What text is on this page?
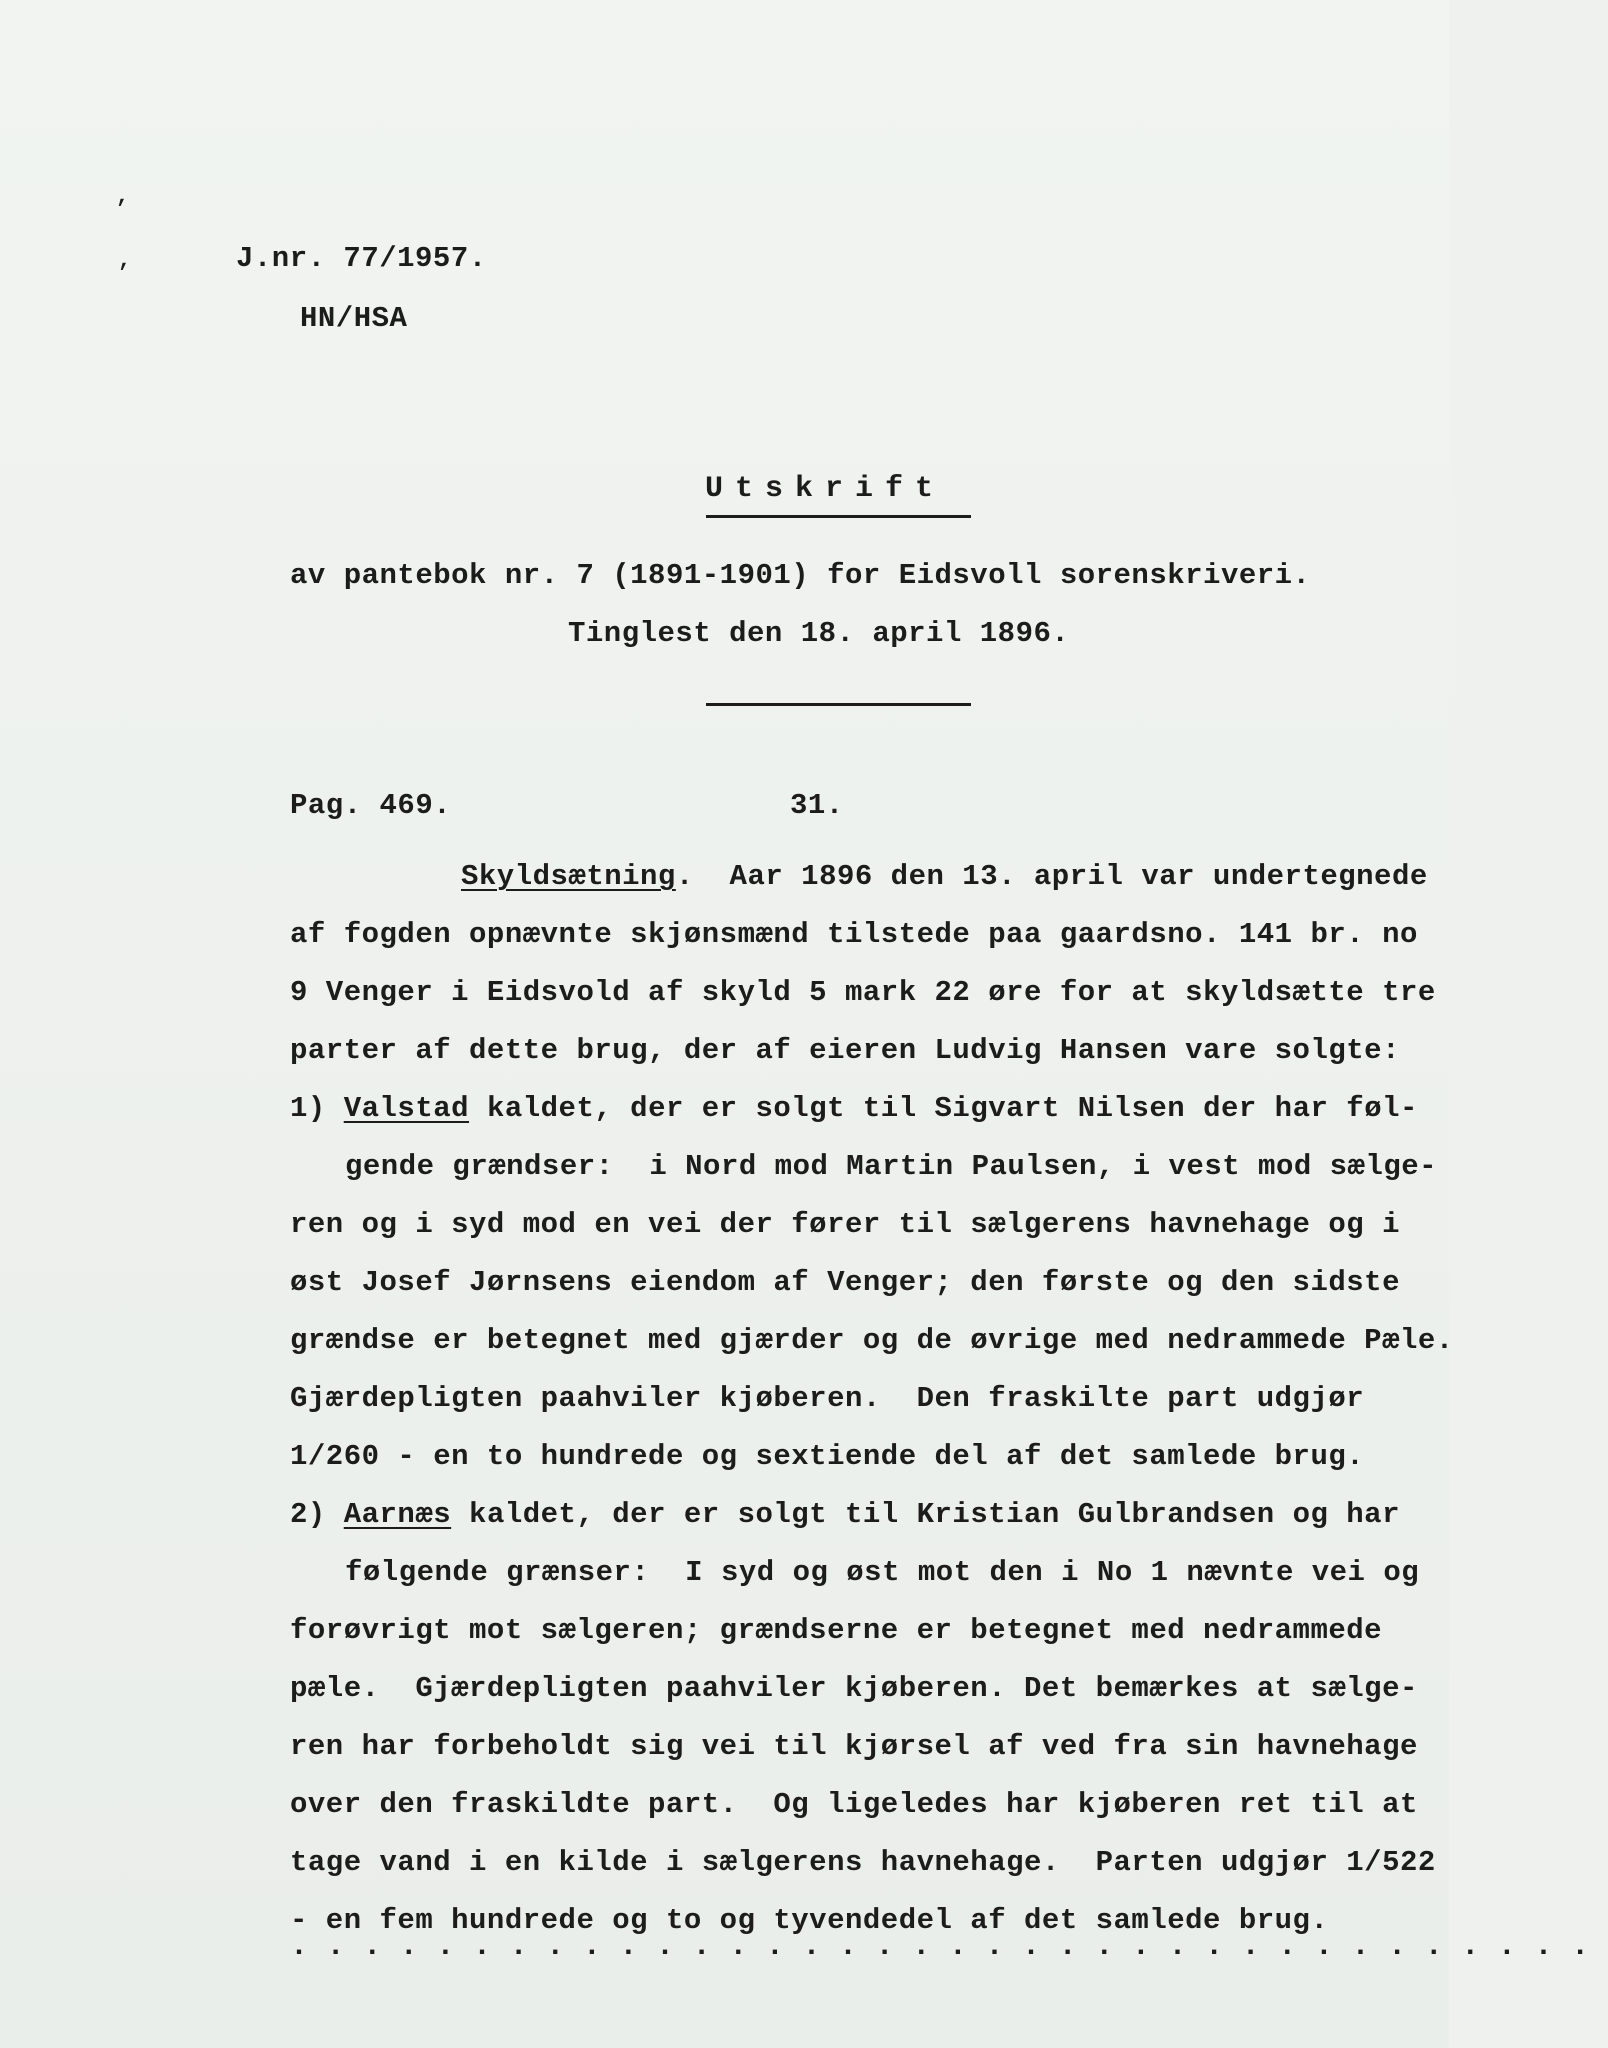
,
,	J.nr. 77/1957.
HN/HSA
Utskrift
av pantebok nr. 7 (1891-1901) for Eidsvoll sorenskriveri.
Tinglest den 18. april 1896.
Pag. 469.	31.
Skyldsætning.  Aar 1896 den 13. april var undertegnede
af fogden opnævnte skjønsmænd tilstede paa gaardsno. 141 br. no
9 Venger i Eidsvold af skyld 5 mark 22 øre for at skyldsætte tre
parter af dette brug, der af eieren Ludvig Hansen vare solgte:
1) Valstad kaldet, der er solgt til Sigvart Nilsen der har føl-
gende grændser:  i Nord mod Martin Paulsen, i vest mod sælge-
ren og i syd mod en vei der fører til sælgerens havnehage og i
øst Josef Jørnsens eiendom af Venger; den første og den sidste
grændse er betegnet med gjærder og de øvrige med nedrammede Pæle.
Gjærdepligten paahviler kjøberen.  Den fraskilte part udgjør
1/260 - en to hundrede og sextiende del af det samlede brug.
2) Aarnæs kaldet, der er solgt til Kristian Gulbrandsen og har
følgende grænser:  I syd og øst mot den i No 1 nævnte vei og
forøvrigt mot sælgeren; grændserne er betegnet med nedrammede
pæle.  Gjærdepligten paahviler kjøberen. Det bemærkes at sælge-
ren har forbeholdt sig vei til kjørsel af ved fra sin havnehage
over den fraskildte part.  Og ligeledes har kjøberen ret til at
tage vand i en kilde i sælgerens havnehage.  Parten udgjør 1/522
- en fem hundrede og to og tyvendedel af det samlede brug.
....................................
